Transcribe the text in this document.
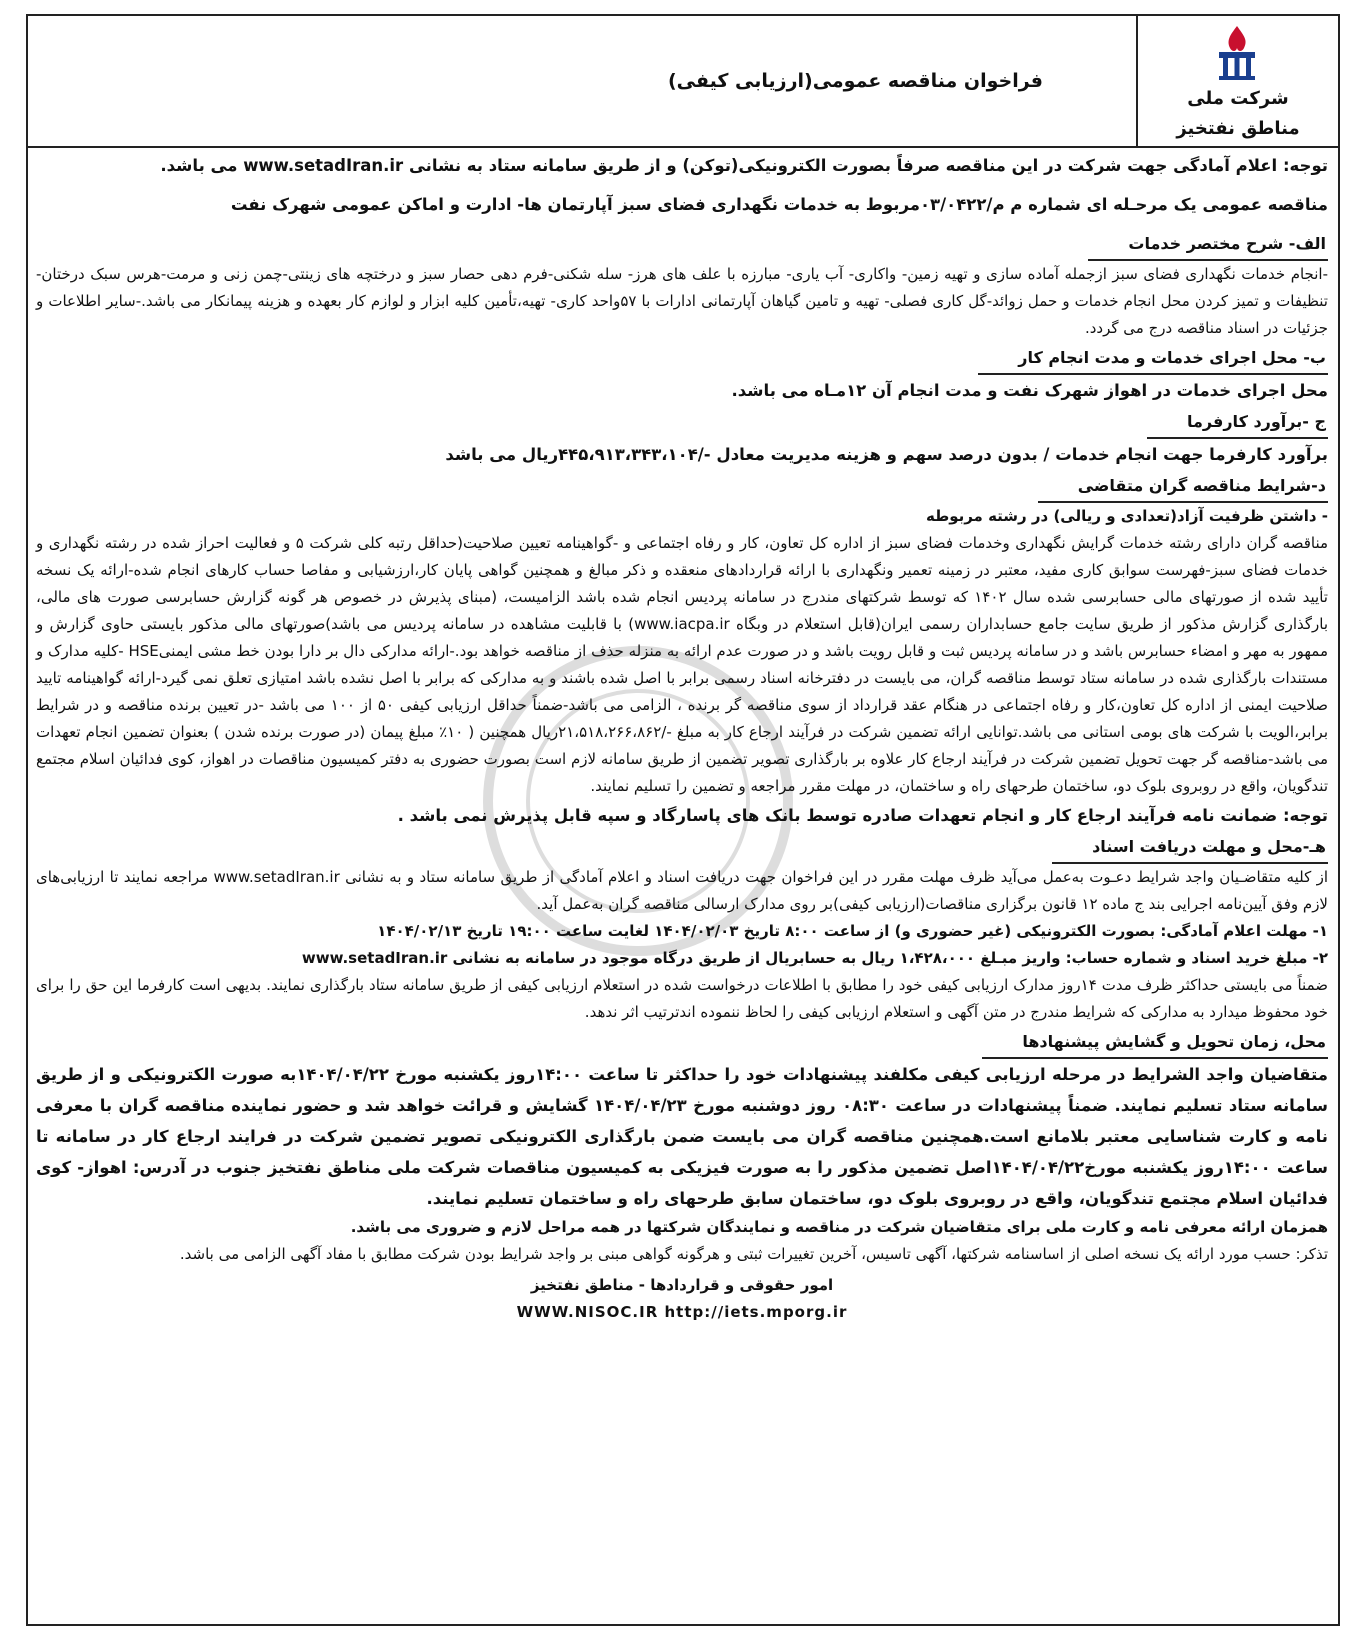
شرکت ملی
مناطق نفتخیز
فراخوان مناقصه عمومی(ارزیابی کیفی)

توجه: اعلام آمادگی جهت شرکت در این مناقصه صرفاً بصورت الکترونیکی(توکن) و از طریق سامانه ستاد به نشانی www.setadIran.ir می باشد.

مناقصه عمومی یک مرحـله ای شماره م م/۰۳/۰۴۲۲مربوط به خدمات نگهداری فضای سبز آپارتمان ها- ادارت و اماکن عمومی شهرک نفت

الف- شرح مختصر خدمات

-انجام خدمات نگهداری فضای سبز ازجمله آماده سازی و تهیه زمین- واکاری- آب یاری- مبارزه با علف های هرز- سله شکنی-فرم دهی حصار سبز و درختچه های زینتی-چمن زنی و مرمت-هرس سبک درختان- تنظیفات و تمیز کردن محل انجام خدمات و حمل زوائد-گل کاری فصلی- تهیه و تامین گیاهان آپارتمانی ادارات با ۵۷واحد کاری- تهیه،تأمین کلیه ابزار و لوازم کار بعهده و هزینه پیمانکار می باشد.-سایر اطلاعات و جزئیات در اسناد مناقصه درج می گردد.

ب- محل اجرای خدمات و مدت انجام کار

محل اجرای خدمات در اهواز شهرک نفت و مدت انجام آن ۱۲مـاه می باشد.

ج -برآورد کارفرما

برآورد کارفرما جهت انجام خدمات / بدون درصد سهم و هزینه مدیریت معادل -/۴۴۵،۹۱۳،۳۴۳،۱۰۴ریال می باشد

د-شرایط مناقصه گران متقاضی

- داشتن ظرفیت آزاد(تعدادی و ریالی) در رشته مربوطه

مناقصه گران دارای رشته خدمات گرایش نگهداری وخدمات فضای سبز از اداره کل تعاون، کار و رفاه اجتماعی و -گواهینامه تعیین صلاحیت(حداقل رتبه کلی شرکت ۵ و فعالیت احراز شده در رشته نگهداری و خدمات فضای سبز-فهرست سوابق کاری مفید، معتبر در زمینه تعمیر ونگهداری با ارائه قراردادهای منعقده و ذکر مبالغ و همچنین گواهی پایان کار،ارزشیابی و مفاصا حساب کارهای انجام شده-ارائه یک نسخه تأیید شده از صورتهای مالی حسابرسی شده سال ۱۴۰۲ که توسط شرکتهای مندرج در سامانه پردیس انجام شده باشد الزامیست، (مبنای پذیرش در خصوص هر گونه گزارش حسابرسی صورت های مالی، بارگذاری گزارش مذکور از طریق سایت جامع حسابداران رسمی ایران(قابل استعلام در وبگاه www.iacpa.ir) با قابلیت مشاهده در سامانه پردیس می باشد)صورتهای مالی مذکور بایستی حاوی گزارش و ممهور به مهر و امضاء حسابرس باشد و در سامانه پردیس ثبت و قابل رویت باشد و در صورت عدم ارائه به منزله حذف از مناقصه خواهد بود.-ارائه مدارکی دال بر دارا بودن خط مشی ایمنیHSE -کلیه مدارک و مستندات بارگذاری شده در سامانه ستاد توسط مناقصه گران، می بایست در دفترخانه اسناد رسمی برابر با اصل شده باشند و به مدارکی که برابر با اصل نشده باشد امتیازی تعلق نمی گیرد-ارائه گواهینامه تایید صلاحیت ایمنی از اداره کل تعاون،کار و رفاه اجتماعی در هنگام عقد قرارداد از سوی مناقصه گر برنده ، الزامی می باشد-ضمناً حداقل ارزیابی کیفی ۵۰ از ۱۰۰ می باشد -در تعیین برنده مناقصه و در شرایط برابر،الویت با شرکت های بومی استانی می باشد.توانایی ارائه تضمین شرکت در فرآیند ارجاع کار به مبلغ -/۲۱،۵۱۸،۲۶۶،۸۶۲ریال همچنین ( ۱۰٪ مبلغ پیمان (در صورت برنده شدن ) بعنوان تضمین انجام تعهدات می باشد-مناقصه گر جهت تحویل تضمین شرکت در فرآیند ارجاع کار علاوه بر بارگذاری تصویر تضمین از طریق سامانه لازم است بصورت حضوری به دفتر کمیسیون مناقصات در اهواز، کوی فدائیان اسلام مجتمع تندگویان، واقع در روبروی بلوک دو، ساختمان طرحهای راه و ساختمان، در مهلت مقرر مراجعه و تضمین را تسلیم نمایند.

توجه: ضمانت نامه فرآیند ارجاع کار و انجام تعهدات صادره توسط بانک های پاسارگاد و سپه قابل پذیرش نمی باشد .

هـ-محل و مهلت دریافت اسناد

از کلیه متقاضـیان واجد شرایط دعـوت به‌عمل می‌آید ظرف مهلت مقرر در این فراخوان جهت دریافت اسناد و اعلام آمادگی از طریق سامانه ستاد و به نشانی www.setadIran.ir مراجعه نمایند تا ارزیابی‌های لازم وفق آیین‌نامه اجرایی بند ج ماده ۱۲ قانون برگزاری مناقصات(ارزیابی کیفی)بر روی مدارک ارسالی مناقصه گران به‌عمل آید.

۱- مهلت اعلام آمادگی: بصورت الکترونیکی (غیر حضوری و) از ساعت ۸:۰۰ تاریخ ۱۴۰۴/۰۲/۰۳ لغایت ساعت ۱۹:۰۰ تاریخ ۱۴۰۴/۰۲/۱۳

۲- مبلغ خرید اسناد و شماره حساب: واریز مبـلغ ۱،۴۲۸،۰۰۰ ریال به حسابریال از طریق درگاه موجود در سامانه به نشانی www.setadIran.ir

ضمناً می بایستی حداکثر ظرف مدت ۱۴روز مدارک ارزیابی کیفی خود را مطابق با اطلاعات درخواست شده در استعلام ارزیابی کیفی از طریق سامانه ستاد بارگذاری نمایند. بدیهی است کارفرما این حق را برای خود محفوظ میدارد به مدارکی که شرایط مندرج در متن آگهی و استعلام ارزیابی کیفی را لحاظ ننموده اندترتیب اثر ندهد.

محل، زمان تحویل و گشایش پیشنهادها

متقاضیان واجد الشرایط در مرحله ارزیابی کیفی مکلفند پیشنهادات خود را حداکثر تا ساعت ۱۴:۰۰روز یکشنبه مورخ ۱۴۰۴/۰۴/۲۲به صورت الکترونیکی و از طریق سامانه ستاد تسلیم نمایند. ضمناً پیشنهادات در ساعت ۰۸:۳۰ روز دوشنبه مورخ ۱۴۰۴/۰۴/۲۳ گشایش و قرائت خواهد شد و حضور نماینده مناقصه گران با معرفی نامه و کارت شناسایی معتبر بلامانع است.همچنین مناقصه گران می بایست ضمن بارگذاری الکترونیکی تصویر تضمین شرکت در فرایند ارجاع کار در سامانه تا ساعت ۱۴:۰۰روز یکشنبه مورخ۱۴۰۴/۰۴/۲۲اصل تضمین مذکور را به صورت فیزیکی به کمیسیون مناقصات شرکت ملی مناطق نفتخیز جنوب در آدرس: اهواز- کوی فدائیان اسلام مجتمع تندگویان، واقع در روبروی بلوک دو، ساختمان سابق طرحهای راه و ساختمان تسلیم نمایند.

همزمان ارائه معرفی نامه و کارت ملی برای متقاضیان شرکت در مناقصه و نمایندگان شرکتها در همه مراحل لازم و ضروری می باشد.

تذکر: حسب مورد ارائه یک نسخه اصلی از اساسنامه شرکتها، آگهی تاسیس، آخرین تغییرات ثبتی و هرگونه گواهی مبنی بر واجد شرایط بودن شرکت مطابق با مفاد آگهی الزامی می باشد.

امور حقوقی و قراردادها - مناطق نفتخیز

WWW.NISOC.IR http://iets.mporg.ir
